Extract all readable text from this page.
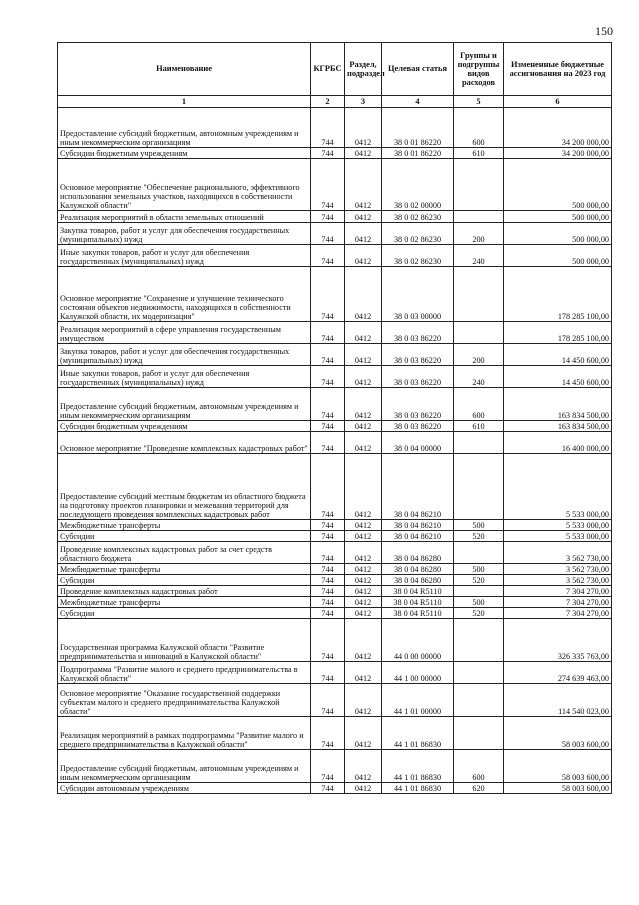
150
Наименование	КГРБС	Раздел, подраздел	Целевая статья	Группы и подгруппы видов расходов	Измененные бюджетные ассигнования на 2023 год
1	2	3	4	5	6
Предоставление субсидий бюджетным, автономным учреждениям и иным некоммерческим организациям	744	0412	38 0 01 86220	600	34 200 000,00
Субсидии бюджетным учреждениям	744	0412	38 0 01 86220	610	34 200 000,00
Основное мероприятие "Обеспечение рационального, эффективного использования земельных участков, находящихся в собственности Калужской области"	744	0412	38 0 02 00000		500 000,00
Реализация мероприятий в области земельных отношений	744	0412	38 0 02 86230		500 000,00
Закупка товаров, работ и услуг для обеспечения государственных (муниципальных) нужд	744	0412	38 0 02 86230	200	500 000,00
Иные закупки товаров, работ и услуг для обеспечения государственных (муниципальных) нужд	744	0412	38 0 02 86230	240	500 000,00
Основное мероприятие "Сохранение и улучшение технического состояния объектов недвижимости, находящихся в собственности Калужской области, их модернизация"	744	0412	38 0 03 00000		178 285 100,00
Реализация мероприятий в сфере управления государственным имуществом	744	0412	38 0 03 86220		178 285 100,00
Закупка товаров, работ и услуг для обеспечения государственных (муниципальных) нужд	744	0412	38 0 03 86220	200	14 450 600,00
Иные закупки товаров, работ и услуг для обеспечения государственных (муниципальных) нужд	744	0412	38 0 03 86220	240	14 450 600,00
Предоставление субсидий бюджетным, автономным учреждениям и иным некоммерческим организациям	744	0412	38 0 03 86220	600	163 834 500,00
Субсидии бюджетным учреждениям	744	0412	38 0 03 86220	610	163 834 500,00
Основное мероприятие "Проведение комплексных кадастровых работ"	744	0412	38 0 04 00000		16 400 000,00
Предоставление субсидий местным бюджетам из областного бюджета на подготовку проектов планировки и межевания территорий для последующего проведения комплексных кадастровых работ	744	0412	38 0 04 86210		5 533 000,00
Межбюджетные трансферты	744	0412	38 0 04 86210	500	5 533 000,00
Субсидии	744	0412	38 0 04 86210	520	5 533 000,00
Проведение комплексных кадастровых работ за счет средств областного бюджета	744	0412	38 0 04 86280		3 562 730,00
Межбюджетные трансферты	744	0412	38 0 04 86280	500	3 562 730,00
Субсидии	744	0412	38 0 04 86280	520	3 562 730,00
Проведение комплексных кадастровых работ	744	0412	38 0 04 R5110		7 304 270,00
Межбюджетные трансферты	744	0412	38 0 04 R5110	500	7 304 270,00
Субсидии	744	0412	38 0 04 R5110	520	7 304 270,00
Государственная программа Калужской области "Развитие предпринимательства и инноваций в Калужской области"	744	0412	44 0 00 00000		326 335 763,00
Подпрограмма "Развитие малого и среднего предпринимательства в Калужской области"	744	0412	44 1 00 00000		274 639 463,00
Основное мероприятие "Оказание государственной поддержки субъектам малого и среднего предпринимательства Калужской области"	744	0412	44 1 01 00000		114 540 023,00
Реализация мероприятий в рамках подпрограммы "Развитие малого и среднего предпринимательства в Калужской области"	744	0412	44 1 01 86830		58 003 600,00
Предоставление субсидий бюджетным, автономным учреждениям и иным некоммерческим организациям	744	0412	44 1 01 86830	600	58 003 600,00
Субсидии автономным учреждениям	744	0412	44 1 01 86830	620	58 003 600,00
